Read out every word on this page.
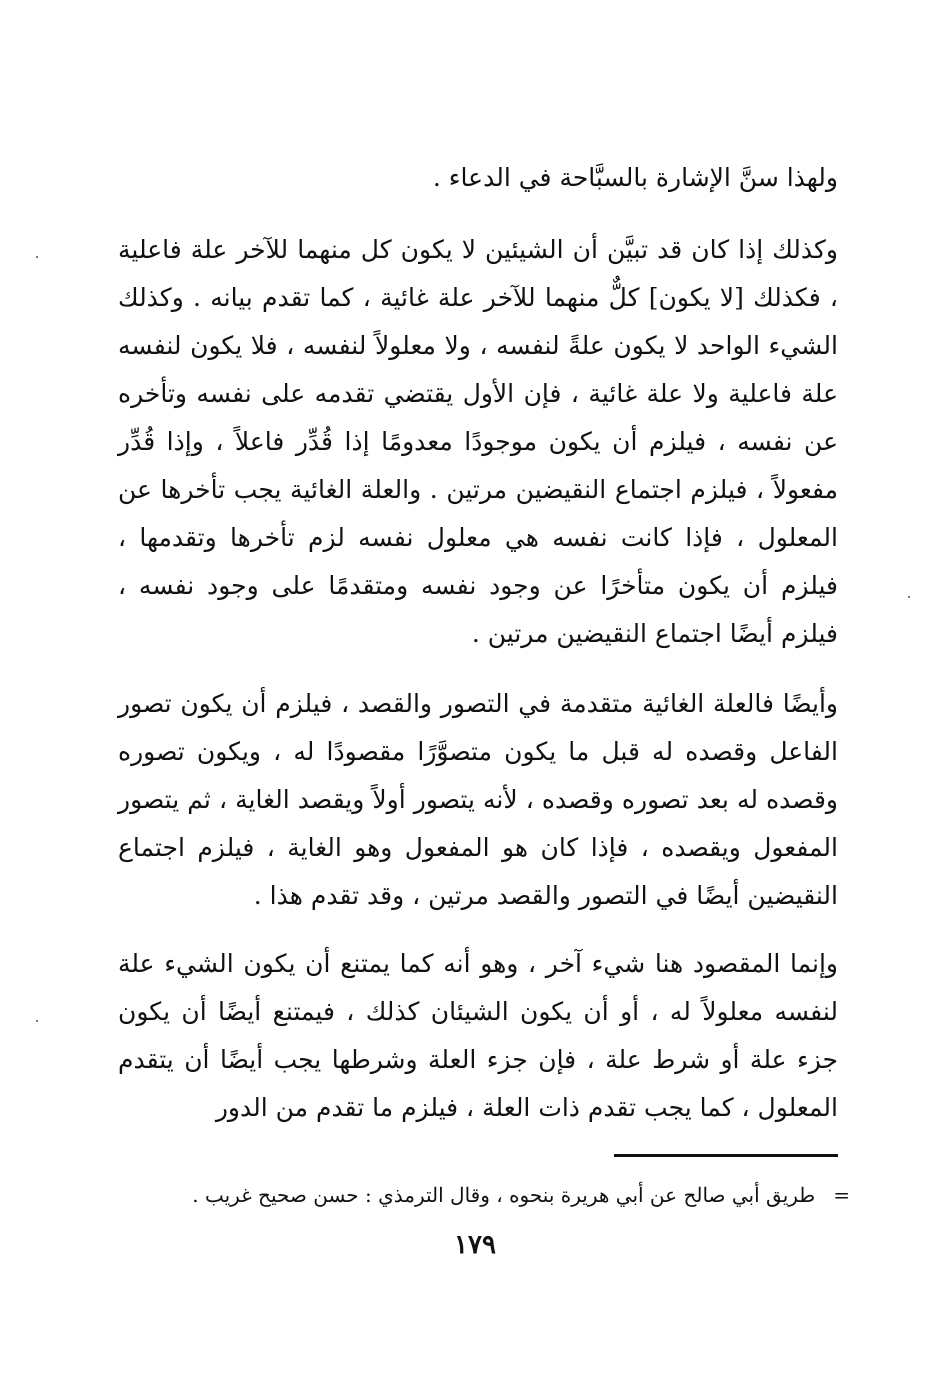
ولهذا سنَّ الإشارة بالسبَّاحة في الدعاء .

وكذلك إذا كان قد تبيَّن أن الشيئين لا يكون كل منهما للآخر علة فاعلية ، فكذلك [لا يكون] كلٌّ منهما للآخر علة غائية ، كما تقدم بيانه . وكذلك الشيء الواحد لا يكون علةً لنفسه ، ولا معلولاً لنفسه ، فلا يكون لنفسه علة فاعلية ولا علة غائية ، فإن الأول يقتضي تقدمه على نفسه وتأخره عن نفسه ، فيلزم أن يكون موجودًا معدومًا إذا قُدِّر فاعلاً ، وإذا قُدِّر مفعولاً ، فيلزم اجتماع النقيضين مرتين . والعلة الغائية يجب تأخرها عن المعلول ، فإذا كانت نفسه هي معلول نفسه لزم تأخرها وتقدمها ، فيلزم أن يكون متأخرًا عن وجود نفسه ومتقدمًا على وجود نفسه ، فيلزم أيضًا اجتماع النقيضين مرتين .

وأيضًا فالعلة الغائية متقدمة في التصور والقصد ، فيلزم أن يكون تصور الفاعل وقصده له قبل ما يكون متصوَّرًا مقصودًا له ، ويكون تصوره وقصده له بعد تصوره وقصده ، لأنه يتصور أولاً ويقصد الغاية ، ثم يتصور المفعول ويقصده ، فإذا كان هو المفعول وهو الغاية ، فيلزم اجتماع النقيضين أيضًا في التصور والقصد مرتين ، وقد تقدم هذا .

وإنما المقصود هنا شيء آخر ، وهو أنه كما يمتنع أن يكون الشيء علة لنفسه معلولاً له ، أو أن يكون الشيئان كذلك ، فيمتنع أيضًا أن يكون جزء علة أو شرط علة ، فإن جزء العلة وشرطها يجب أيضًا أن يتقدم المعلول ، كما يجب تقدم ذات العلة ، فيلزم ما تقدم من الدور

=
طريق أبي صالح عن أبي هريرة بنحوه ، وقال الترمذي : حسن صحيح غريب .
١٧٩
